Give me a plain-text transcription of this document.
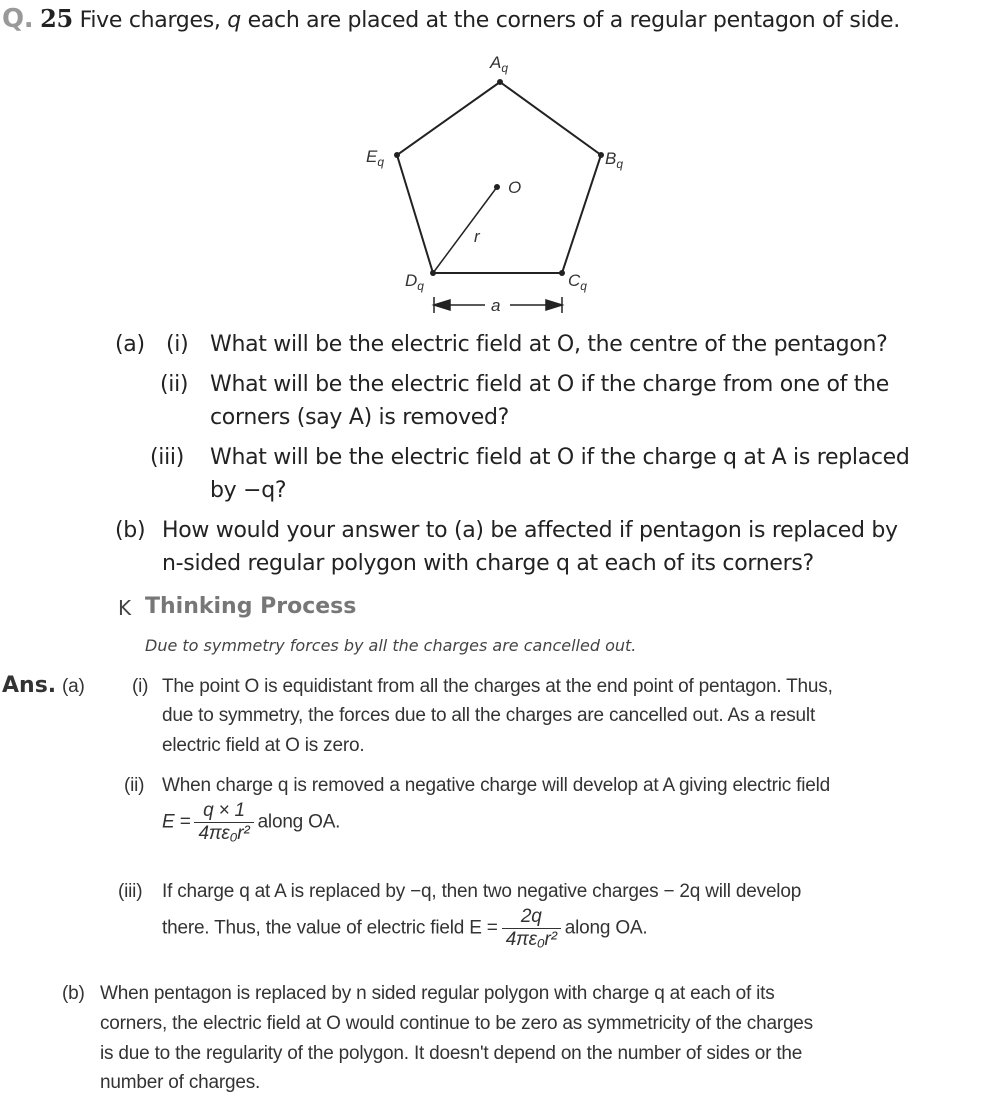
Q. 25 Five charges, q each are placed at the corners of a regular pentagon of side.
$A_q$
$B_q$
$C_q$
$D_q$
$E_q$
O
r
a
(a) (i) What will be the electric field at O, the centre of the pentagon?
(ii) What will be the electric field at O if the charge from one of the
corners (say A) is removed?
(iii) What will be the electric field at O if the charge q at A is replaced
by −q?
(b) How would your answer to (a) be affected if pentagon is replaced by
n-sided regular polygon with charge q at each of its corners?
K Thinking Process
Due to symmetry forces by all the charges are cancelled out.
Ans. (a) (i) The point O is equidistant from all the charges at the end point of pentagon. Thus,
due to symmetry, the forces due to all the charges are cancelled out. As a result
electric field at O is zero.
(ii) When charge q is removed a negative charge will develop at A giving electric field
$E = \frac{q \times 1}{\text{4πε₀r²}}$ along OA.
(iii) If charge q at A is replaced by −q, then two negative charges − 2q will develop
there. Thus, the value of electric field $E = \frac{2q}{\text{4πε₀r²}}$ along OA.
(b) When pentagon is replaced by n sided regular polygon with charge q at each of its
corners, the electric field at O would continue to be zero as symmetricity of the charges
is due to the regularity of the polygon. It doesn't depend on the number of sides or the
number of charges.
